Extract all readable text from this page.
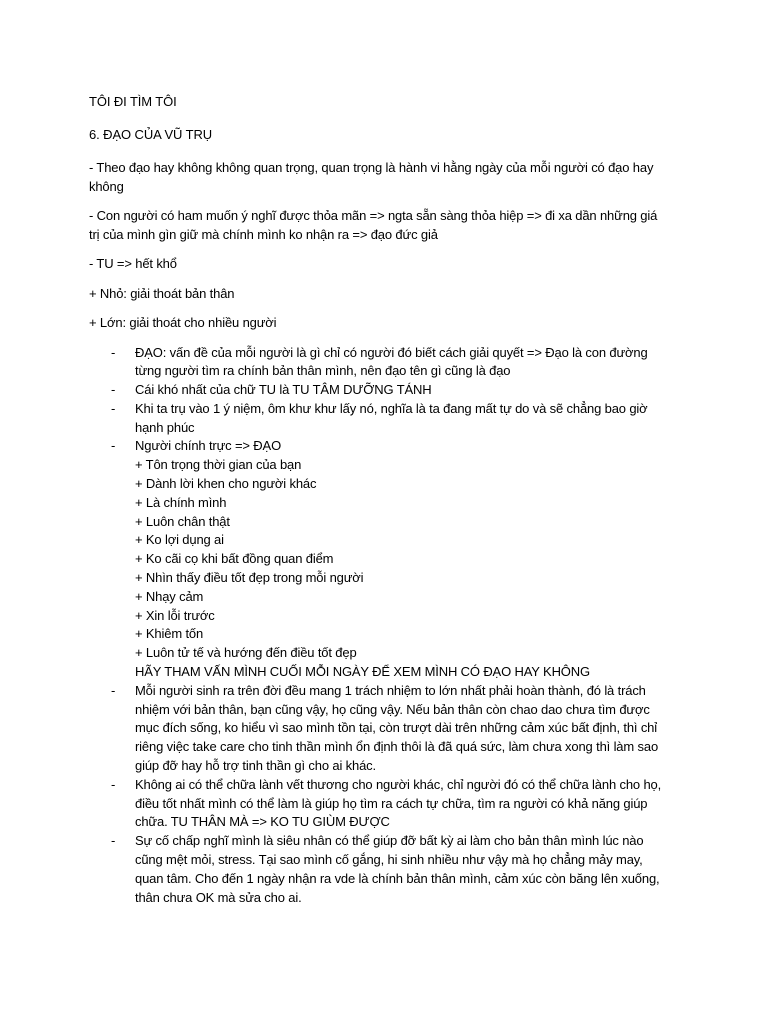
TÔI ĐI TÌM TÔI
6. ĐẠO CỦA VŨ TRỤ
- Theo đạo hay không không quan trọng, quan trọng là hành vi hằng ngày của mỗi người có đạo hay không
- Con người có ham muốn ý nghĩ được thỏa mãn => ngta sẵn sàng thỏa hiệp => đi xa dần những giá trị của mình gìn giữ mà chính mình ko nhận ra => đạo đức giả
- TU => hết khổ
+ Nhỏ: giải thoát bản thân
+ Lớn: giải thoát cho nhiều người
- ĐẠO: vấn đề của mỗi người là gì chỉ có người đó biết cách giải quyết => Đạo là con đường từng người tìm ra chính bản thân mình, nên đạo tên gì cũng là đạo
- Cái khó nhất của chữ TU là TU TÂM DƯỠNG TÁNH
- Khi ta trụ vào 1 ý niệm, ôm khư khư lấy nó, nghĩa là ta đang mất tự do và sẽ chẳng bao giờ hạnh phúc
- Người chính trực => ĐẠO
+ Tôn trọng thời gian của bạn
+ Dành lời khen cho người khác
+ Là chính mình
+ Luôn chân thật
+ Ko lợi dụng ai
+ Ko cãi cọ khi bất đồng quan điểm
+ Nhìn thấy điều tốt đẹp trong mỗi người
+ Nhạy cảm
+ Xin lỗi trước
+ Khiêm tốn
+ Luôn tử tế và hướng đến điều tốt đẹp
HÃY THAM VẤN MÌNH CUỐI MỖI NGÀY ĐỂ XEM MÌNH CÓ ĐẠO HAY KHÔNG
- Mỗi người sinh ra trên đời đều mang 1 trách nhiệm to lớn nhất phải hoàn thành, đó là trách nhiệm với bản thân, bạn cũng vậy, họ cũng vậy. Nếu bản thân còn chao dao chưa tìm được mục đích sống, ko hiểu vì sao mình tồn tại, còn trượt dài trên những cảm xúc bất định, thì chỉ riêng việc take care cho tinh thần mình ổn định thôi là đã quá sức, làm chưa xong thì làm sao giúp đỡ hay hỗ trợ tinh thần gì cho ai khác.
- Không ai có thể chữa lành vết thương cho người khác, chỉ người đó có thể chữa lành cho họ, điều tốt nhất mình có thể làm là giúp họ tìm ra cách tự chữa, tìm ra người có khả năng giúp chữa. TU THÂN MÀ => KO TU GIÙM ĐƯỢC
- Sự cố chấp nghĩ mình là siêu nhân có thể giúp đỡ bất kỳ ai làm cho bản thân mình lúc nào cũng mệt mỏi, stress. Tại sao mình cố gắng, hi sinh nhiều như vậy mà họ chẳng mảy may, quan tâm. Cho đến 1 ngày nhận ra vde là chính bản thân mình, cảm xúc còn băng lên xuống, thân chưa OK mà sửa cho ai.
